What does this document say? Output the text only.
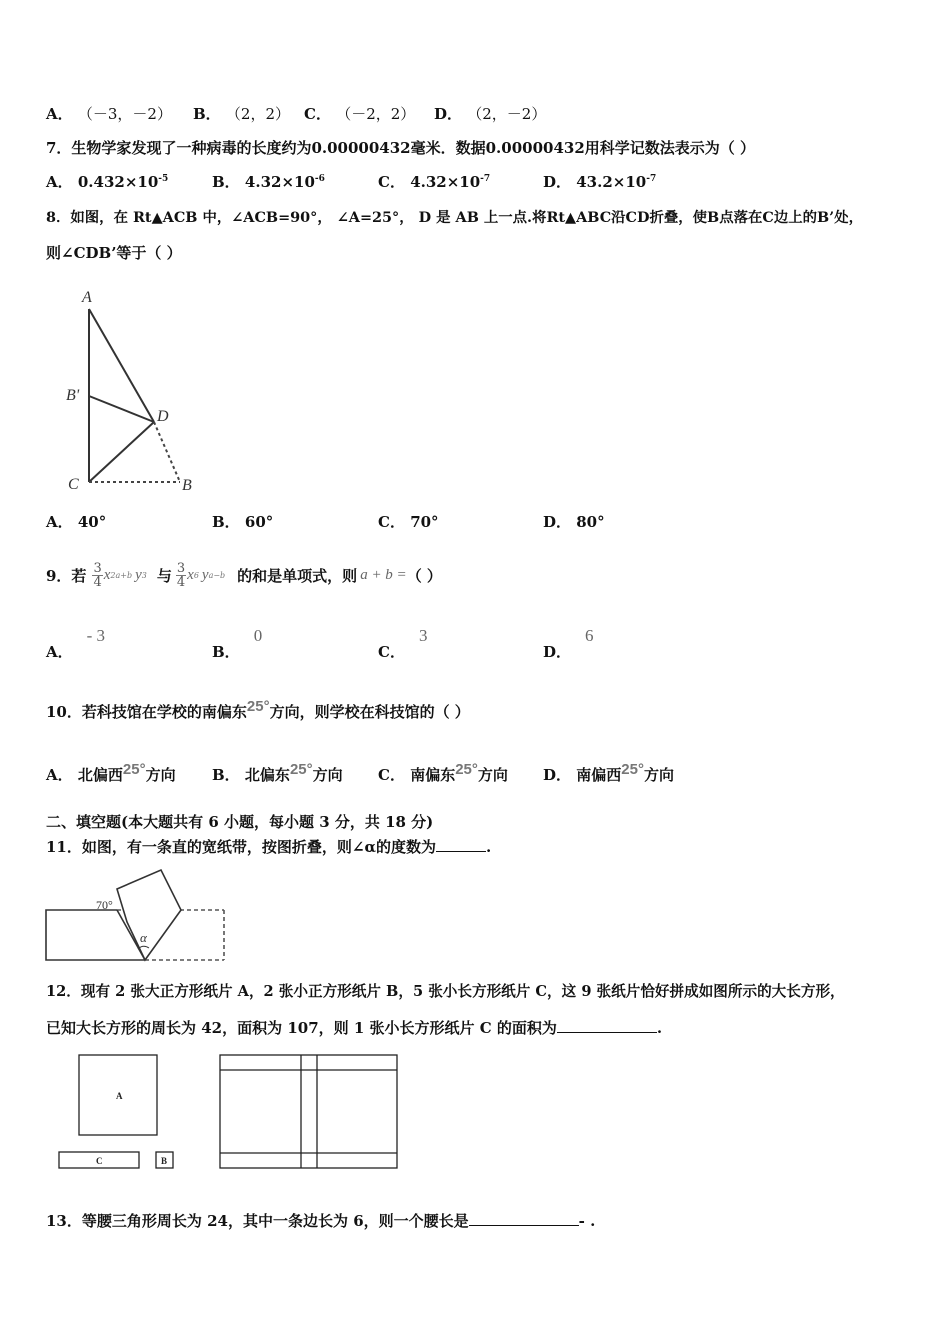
A． （－3，－2） B． （2，2） C． （－2，2） D． （2，－2）
7．生物学家发现了一种病毒的长度约为0.00000432毫米．数据0.00000432用科学记数法表示为（ ）
A． $0.432\times 10^{-5}$	B． $4.32\times 10^{-6}$	C． $4.32\times 10^{-7}$	D． $43.2\times 10^{-7}$
8．如图，在 Rt▲ACB 中，∠ACB=90°， ∠A=25°， D 是 AB 上一点.将Rt▲ABC沿CD折叠，使B点落在C边上的B’处，
则∠CDB’等于（ ）
A
B'
C
D
B
A． 40°	B． 60°	C． 70°	D． 80°
9．若 $\frac{3}{4}$ x 2a+b y 3 与 $\frac{3}{4}$ x 6 y a−b 的和是单项式，则 a + b = （ ）
A．- 3
B．0
C．3
D．6
10．若科技馆在学校的南偏东25°方向，则学校在科技馆的（ ）
A． 北偏西25°方向 B． 北偏东25°方向 C． 南偏东25°方向 D． 南偏西25°方向
二、填空题(本大题共有 6 小题，每小题 3 分，共 18 分)
11．如图，有一条直的宽纸带，按图折叠，则∠α的度数为	.
70°
α
12．现有 2 张大正方形纸片 A，2 张小正方形纸片 B，5 张小长方形纸片 C，这 9 张纸片恰好拼成如图所示的大长方形，
已知大长方形的周长为 42，面积为 107，则 1 张小长方形纸片 C 的面积为	.
A
C	B
13．等腰三角形周长为 24，其中一条边长为 6，则一个腰长是	- .
